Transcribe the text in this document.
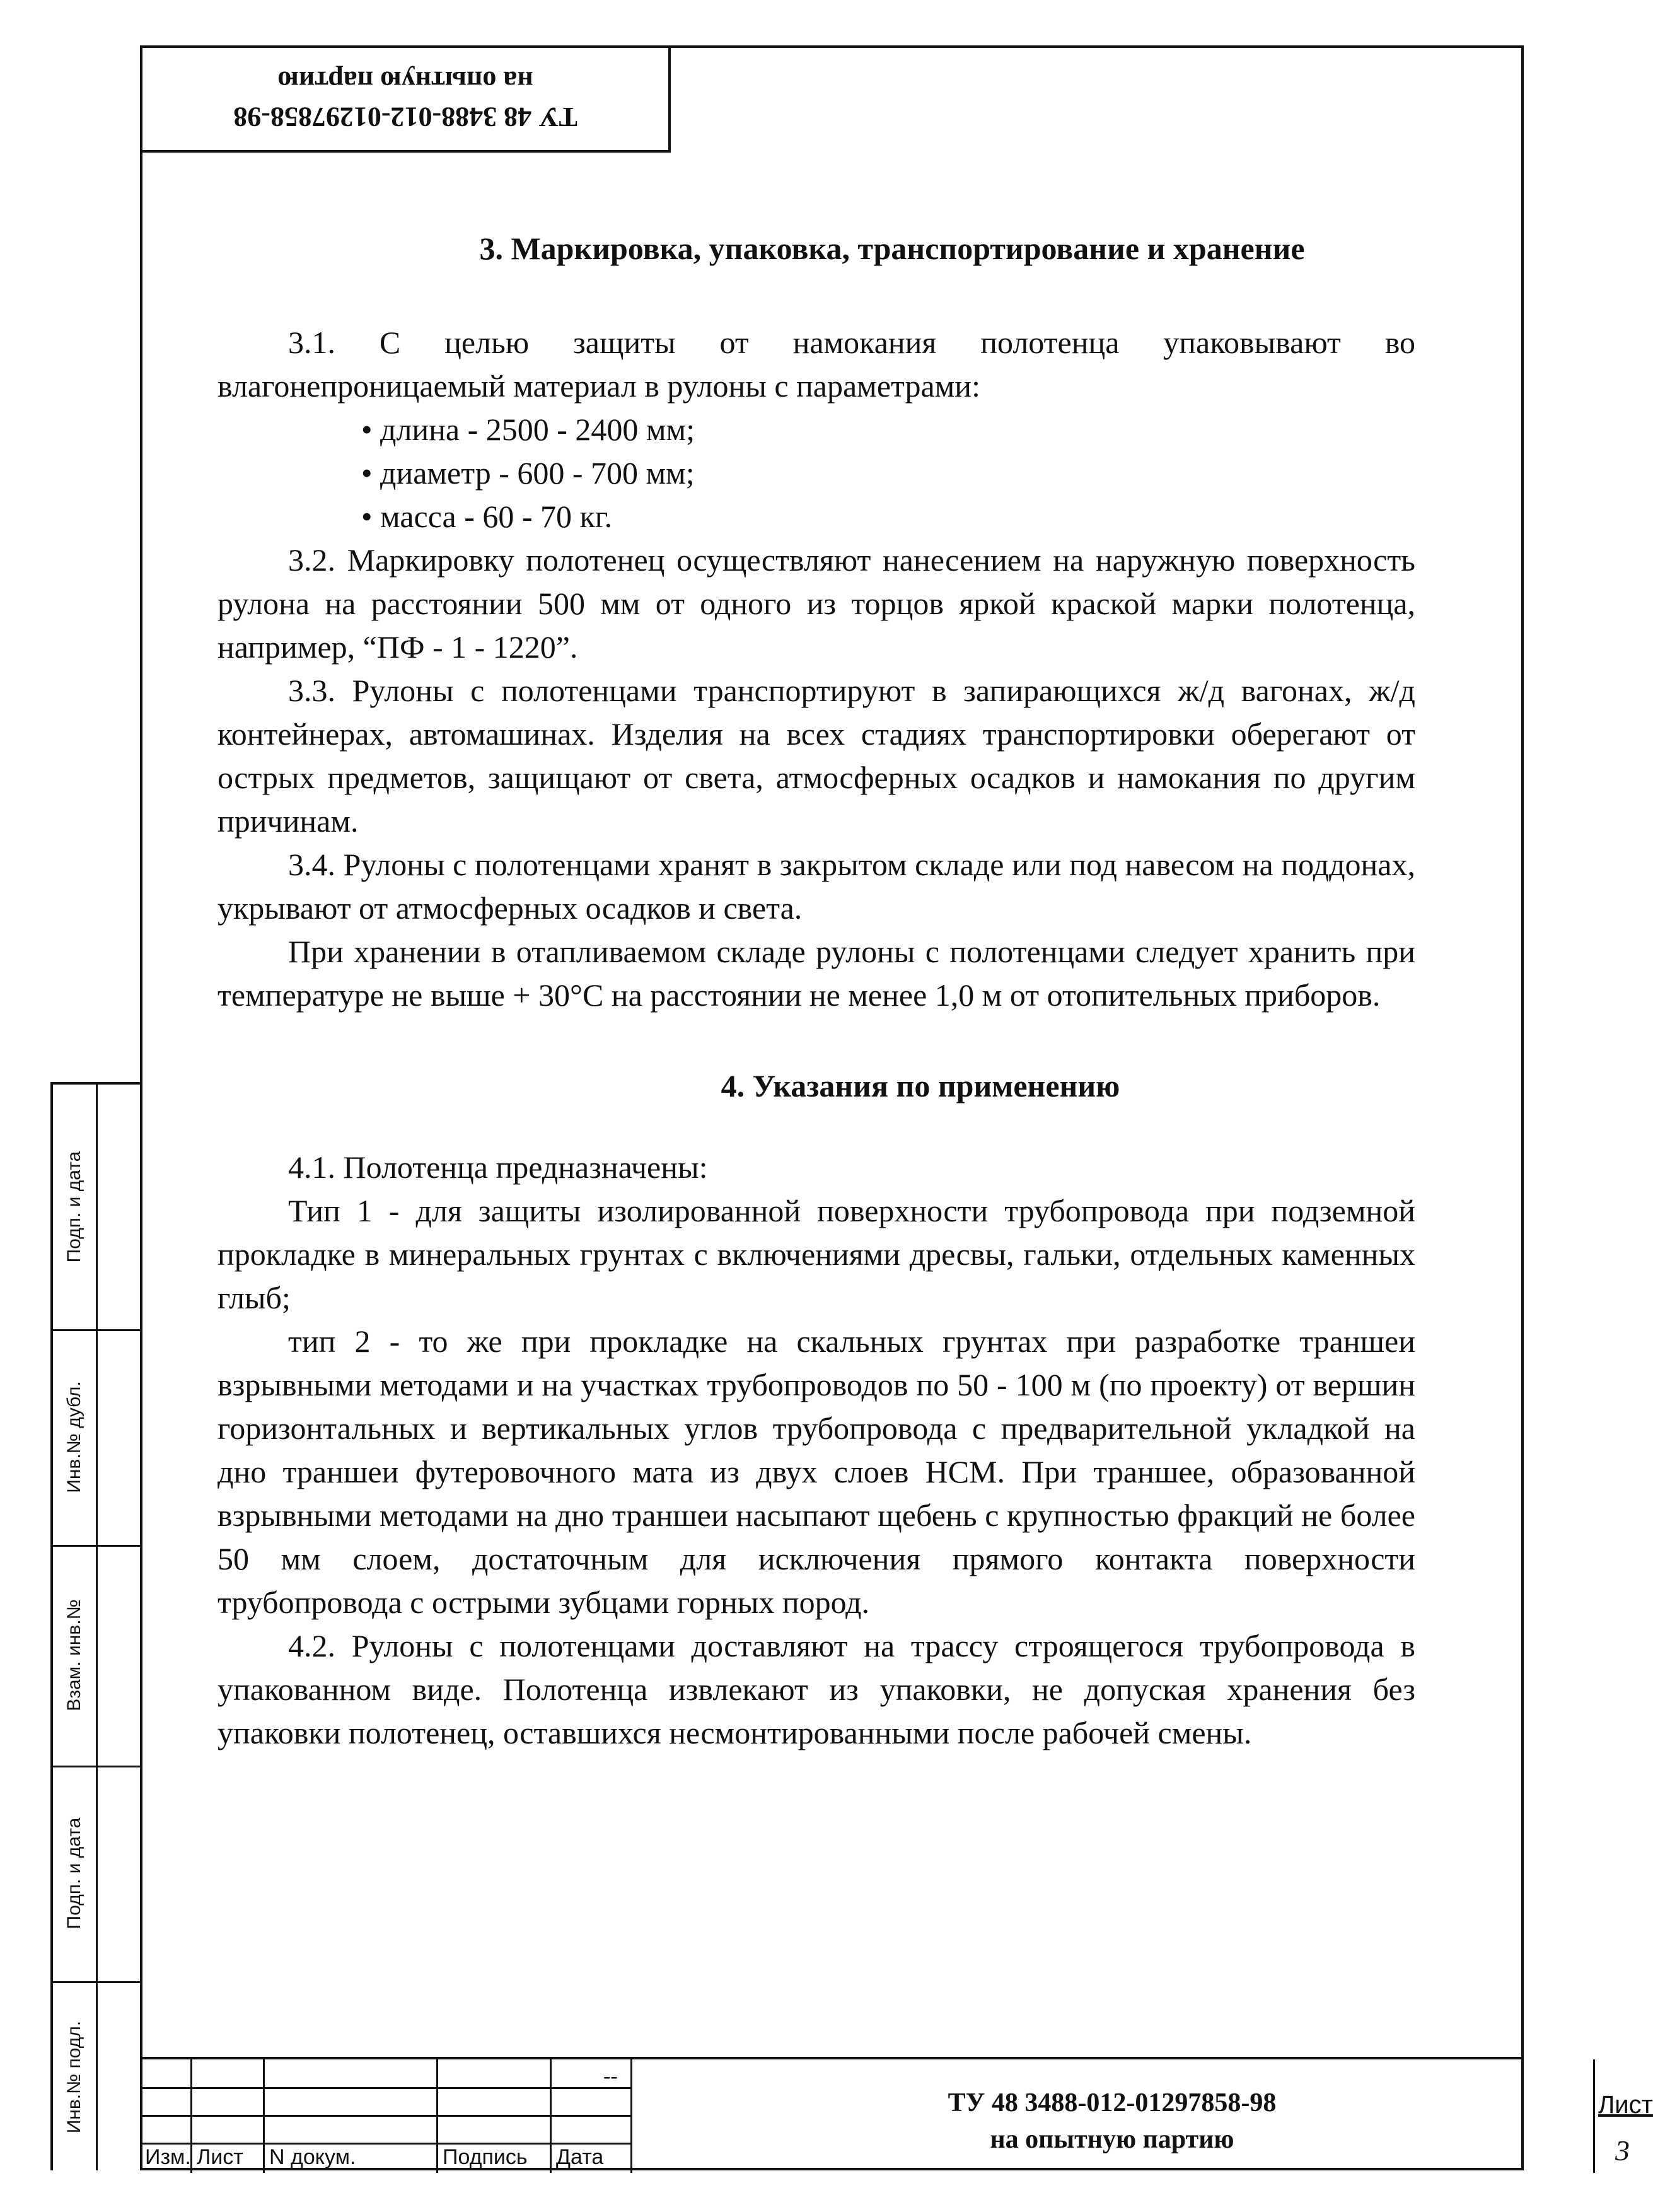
ТУ 48 3488-012-01297858-98
на опытную партию
3. Маркировка, упаковка, транспортирование и хранение

3.1. С целью защиты от намокания полотенца упаковывают во влагонепроницаемый материал в рулоны с параметрами:

• длина - 2500 - 2400 мм;
• диаметр - 600 - 700 мм;
• масса - 60 - 70 кг.

3.2. Маркировку полотенец осуществляют нанесением на наружную поверхность рулона на расстоянии 500 мм от одного из торцов яркой краской марки полотенца, например, “ПФ - 1 - 1220”.

3.3. Рулоны с полотенцами транспортируют в запирающихся ж/д вагонах, ж/д контейнерах, автомашинах. Изделия на всех стадиях транспортировки оберегают от острых предметов, защищают от света, атмосферных осадков и намокания по другим причинам.

3.4. Рулоны с полотенцами хранят в закрытом складе или под навесом на поддонах, укрывают от атмосферных осадков и света.

При хранении в отапливаемом складе рулоны с полотенцами следует хранить при температуре не выше + 30°С на расстоянии не менее 1,0 м от отопительных приборов.

4. Указания по применению

4.1. Полотенца предназначены:

Тип 1 - для защиты изолированной поверхности трубопровода при подземной прокладке в минеральных грунтах с включениями дресвы, гальки, отдельных каменных глыб;

тип 2 - то же при прокладке на скальных грунтах при разработке траншеи взрывными методами и на участках трубопроводов по 50 - 100 м (по проекту) от вершин горизонтальных и вертикальных углов трубопровода с предварительной укладкой на дно траншеи футеровочного мата из двух слоев НСМ. При траншее, образованной взрывными методами на дно траншеи насыпают щебень с крупностью фракций не более 50 мм слоем, достаточным для исключения прямого контакта поверхности трубопровода с острыми зубцами горных пород.

4.2. Рулоны с полотенцами доставляют на трассу строящегося трубопровода в упакованном виде. Полотенца извлекают из упаковки, не допуская хранения без упаковки полотенец, оставшихся несмонтированными после рабочей смены.

Подп. и дата
Инв.№ дубл.
Взам. инв.№
Подп. и дата
Инв.№ подл.
Изм. Лист N докум.	Подпись Дата
--
ТУ 48 3488-012-01297858-98
на опытную партию
Лист
3
